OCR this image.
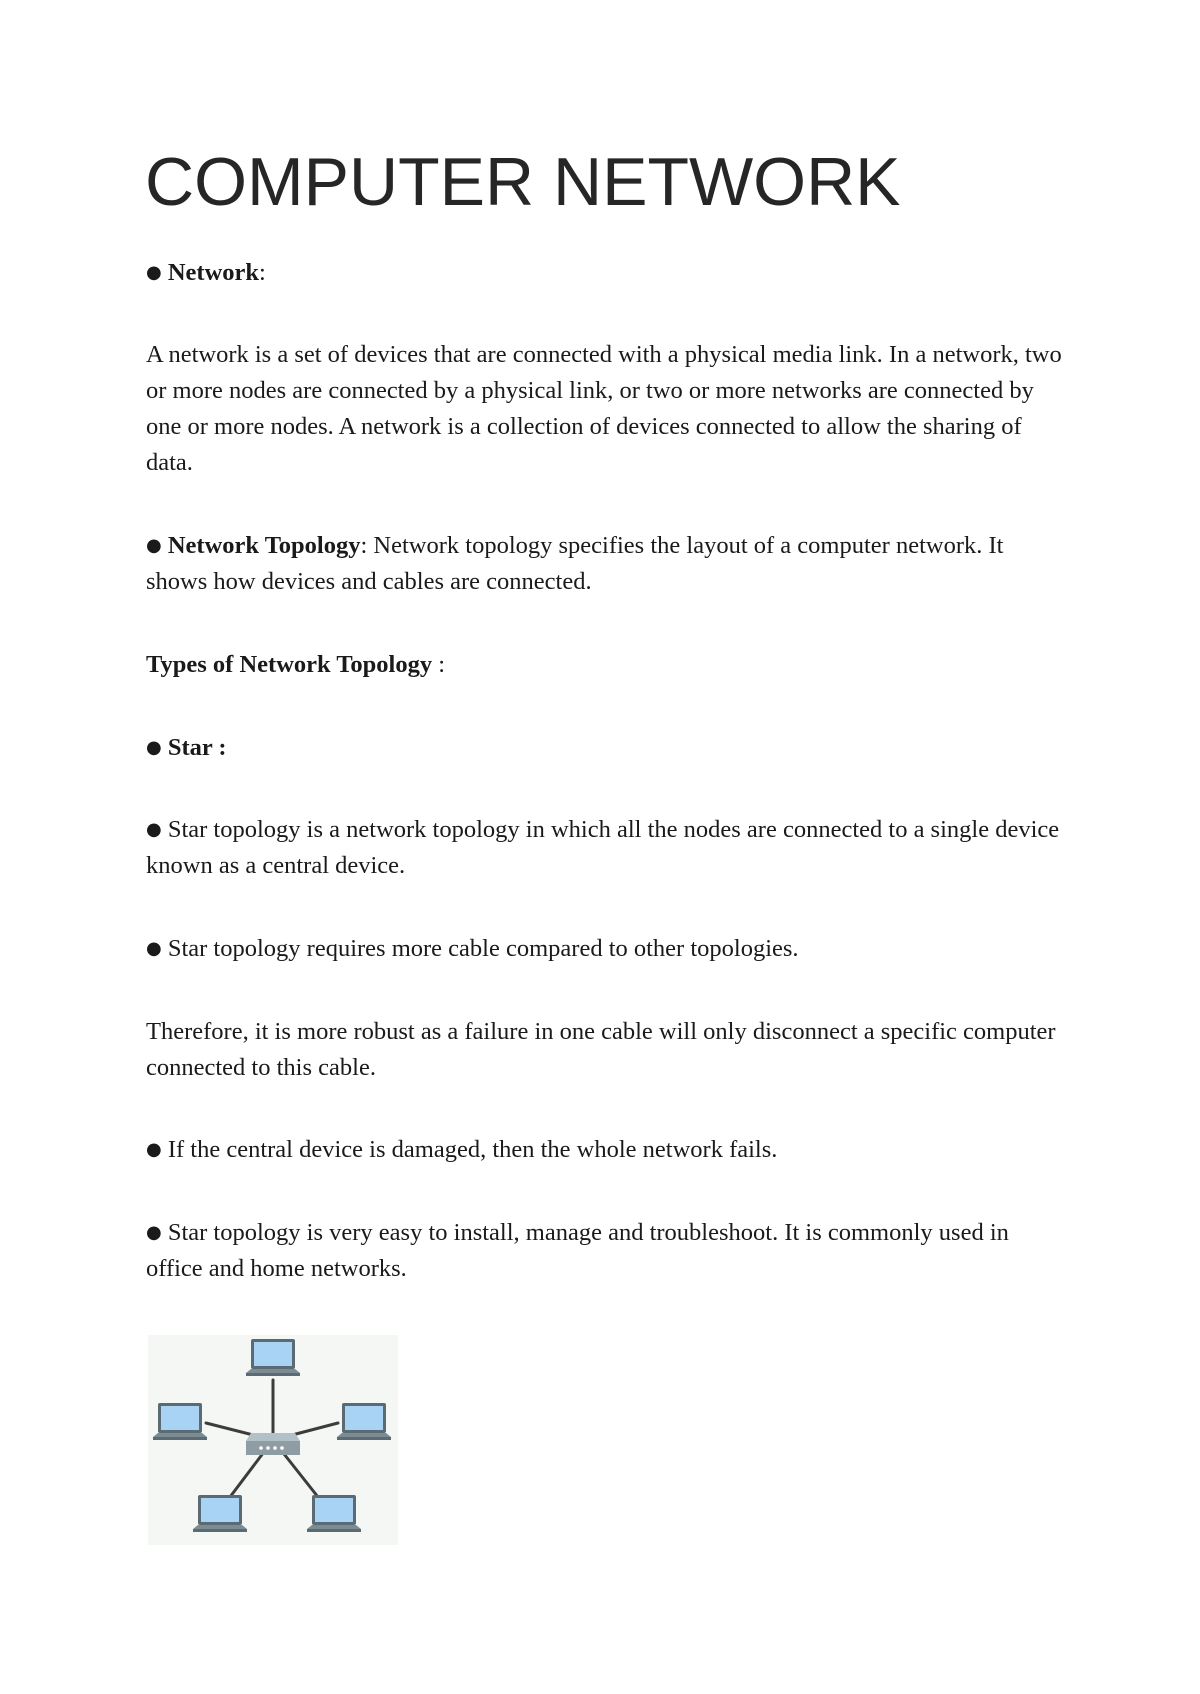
COMPUTER NETWORK

● Network:

A network is a set of devices that are connected with a physical media link. In a network, two or more nodes are connected by a physical link, or two or more networks are connected by one or more nodes. A network is a collection of devices connected to allow the sharing of data.

● Network Topology: Network topology specifies the layout of a computer network. It shows how devices and cables are connected.

Types of Network Topology :

● Star :

● Star topology is a network topology in which all the nodes are connected to a single device known as a central device.

● Star topology requires more cable compared to other topologies.

Therefore, it is more robust as a failure in one cable will only disconnect a specific computer connected to this cable.

● If the central device is damaged, then the whole network fails.

● Star topology is very easy to install, manage and troubleshoot. It is commonly used in office and home networks.
